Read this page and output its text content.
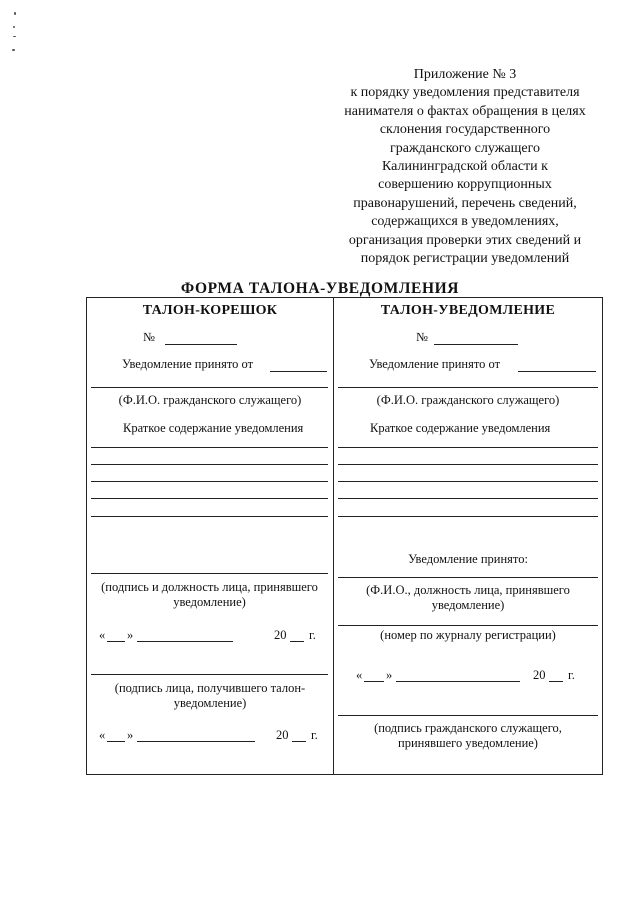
Приложение № 3
к порядку уведомления представителя
нанимателя о фактах обращения в целях
склонения государственного
гражданского служащего
Калининградской области к
совершению коррупционных
правонарушений, перечень сведений,
содержащихся в уведомлениях,
организация проверки этих сведений и
порядок регистрации уведомлений
ФОРМА ТАЛОНА-УВЕДОМЛЕНИЯ
ТАЛОН-КОРЕШОК
№
Уведомление принято от
(Ф.И.О. гражданского служащего)
Краткое содержание уведомления
(подпись и должность лица, принявшего уведомление)
« »	20 г.
(подпись лица, получившего талон-уведомление)
« »	20 г.
ТАЛОН-УВЕДОМЛЕНИЕ
№
Уведомление принято от
(Ф.И.О. гражданского служащего)
Краткое содержание уведомления
Уведомление принято:
(Ф.И.О., должность лица, принявшего уведомление)
(номер по журналу регистрации)
« »	20 г.
(подпись гражданского служащего, принявшего уведомление)
